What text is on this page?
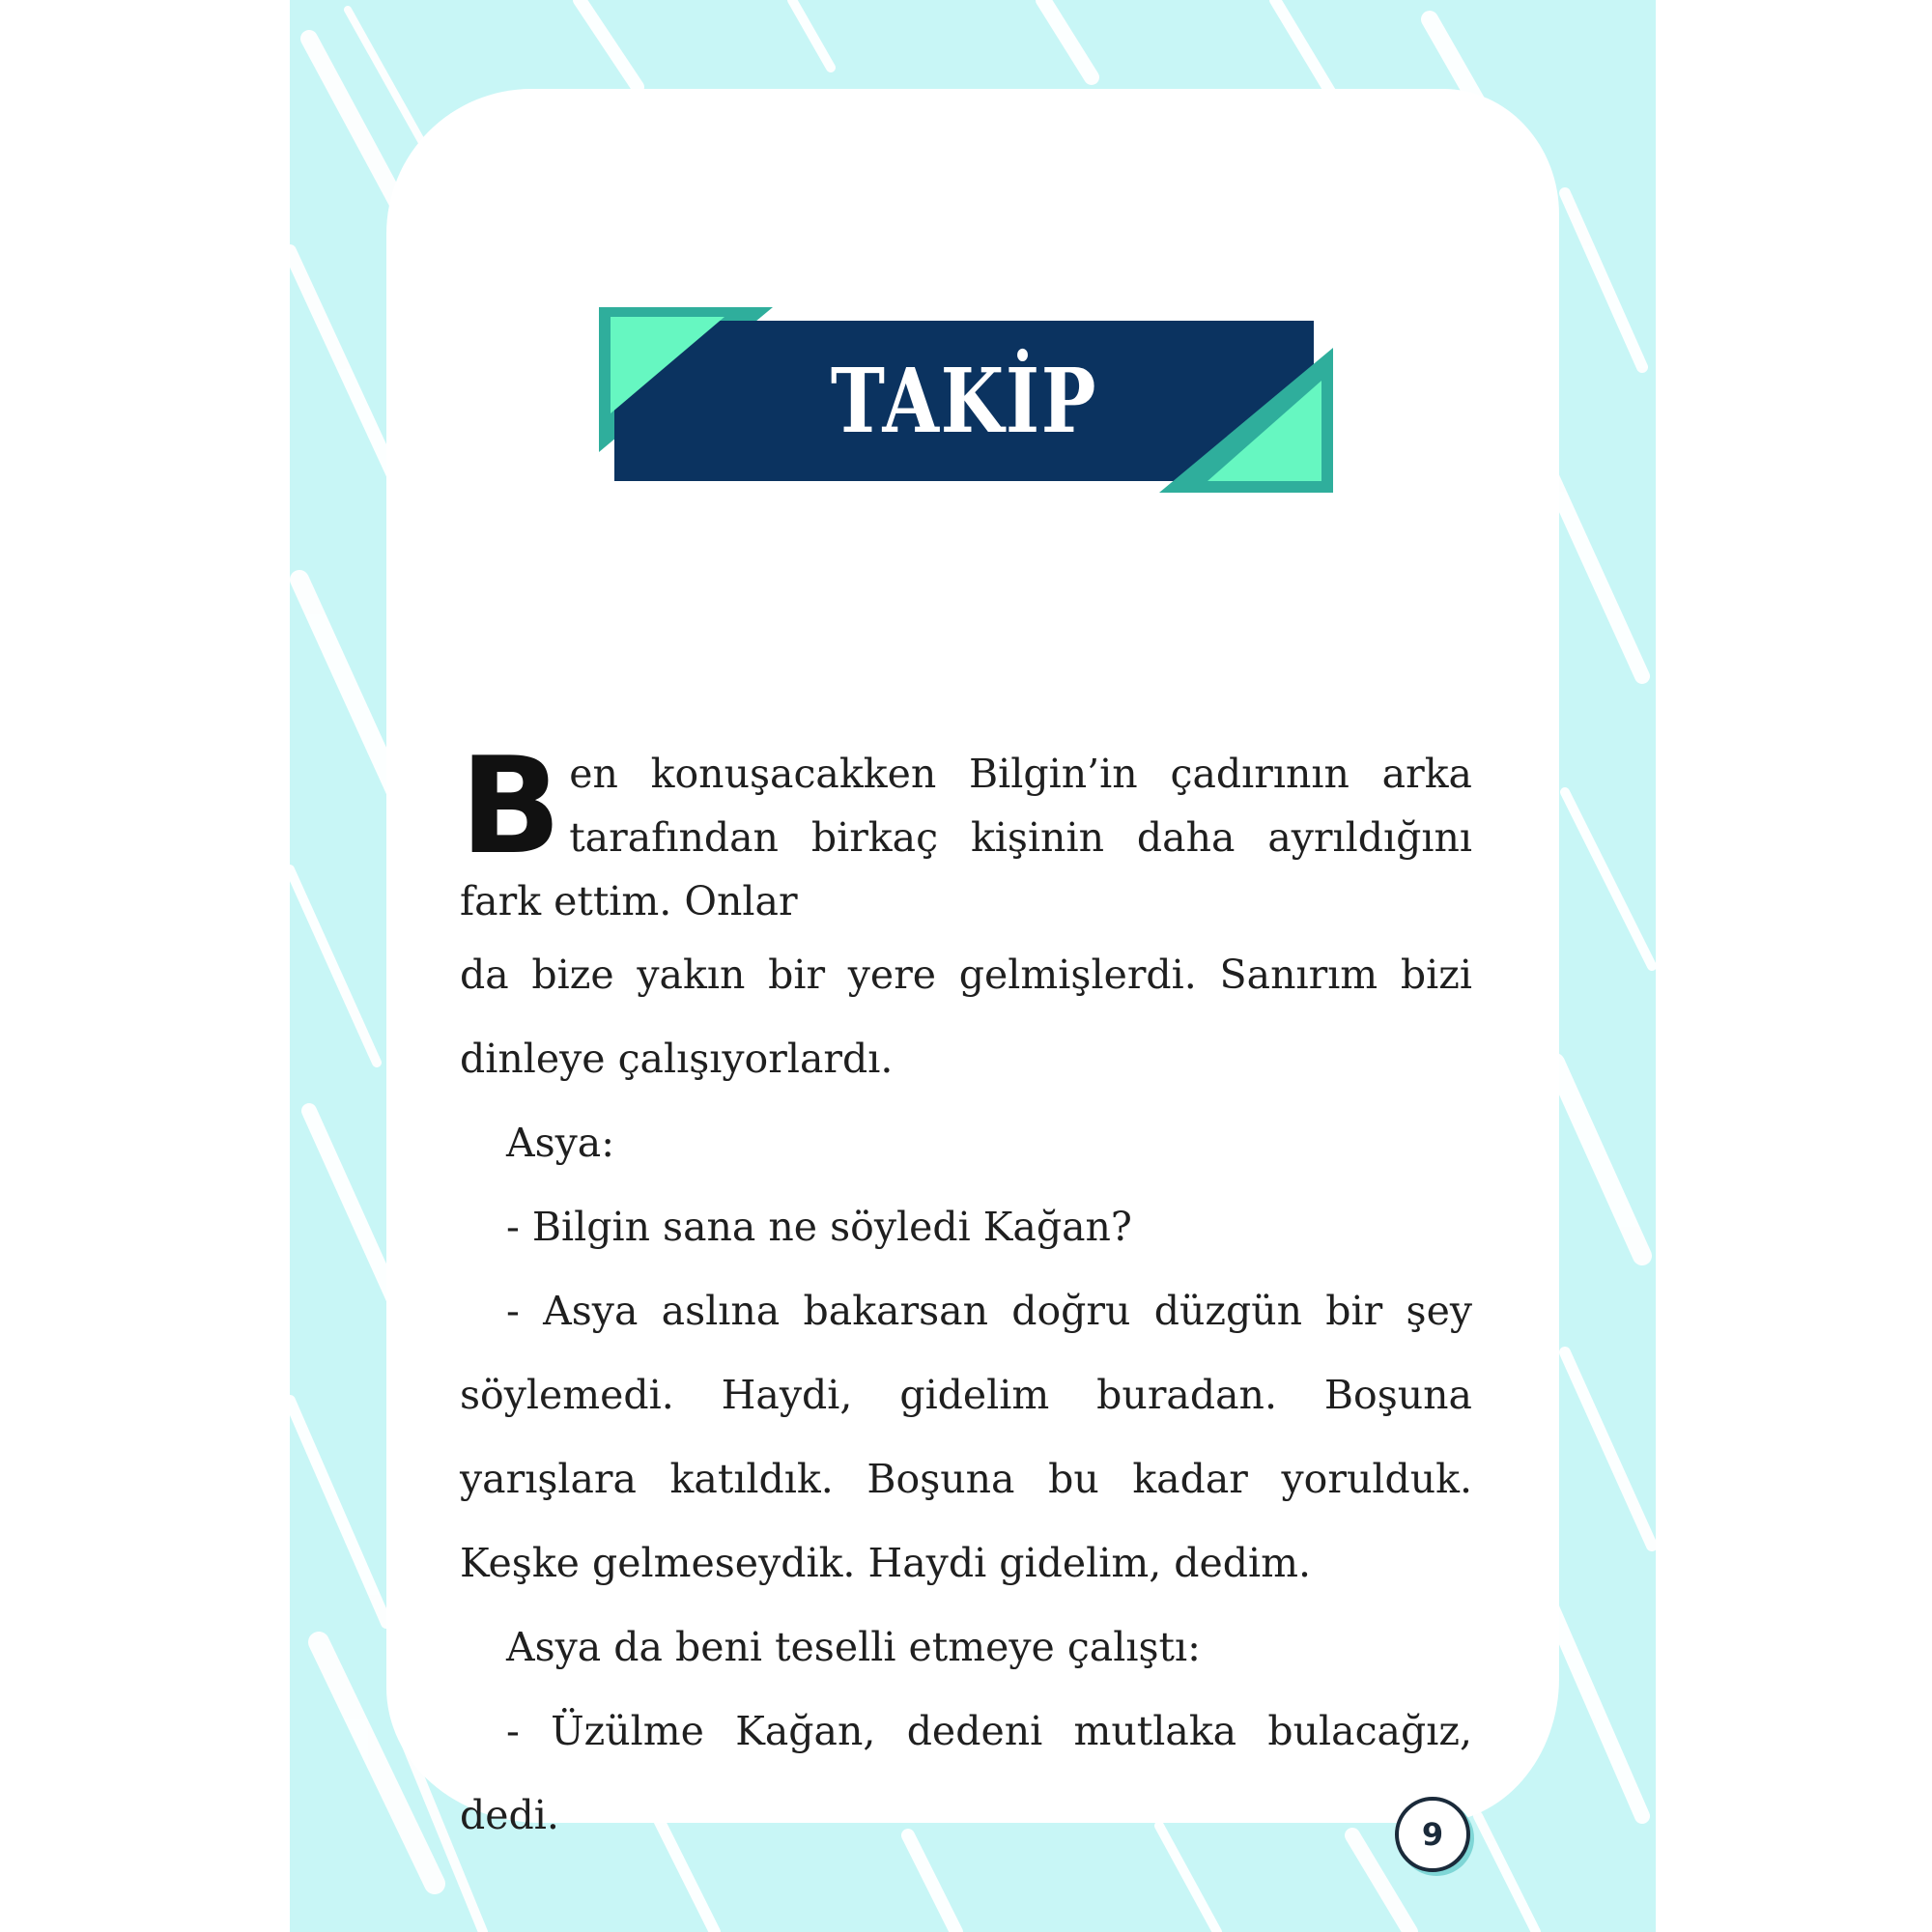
TAKİP

B en konuşacakken Bilgin’in çadırının arka tarafından birkaç kişinin daha ayrıldığını fark ettim. Onlar
da bize yakın bir yere gelmişlerdi. Sanırım bizi dinleye çalışıyorlardı.

Asya:

- Bilgin sana ne söyledi Kağan?

- Asya aslına bakarsan doğru düzgün bir şey söylemedi. Haydi, gidelim buradan. Boşuna yarışlara katıldık. Boşuna bu kadar yorulduk. Keşke gelmeseydik. Haydi gidelim, dedim.

Asya da beni teselli etmeye çalıştı:

- Üzülme Kağan, dedeni mutlaka bulacağız, dedi.	9
